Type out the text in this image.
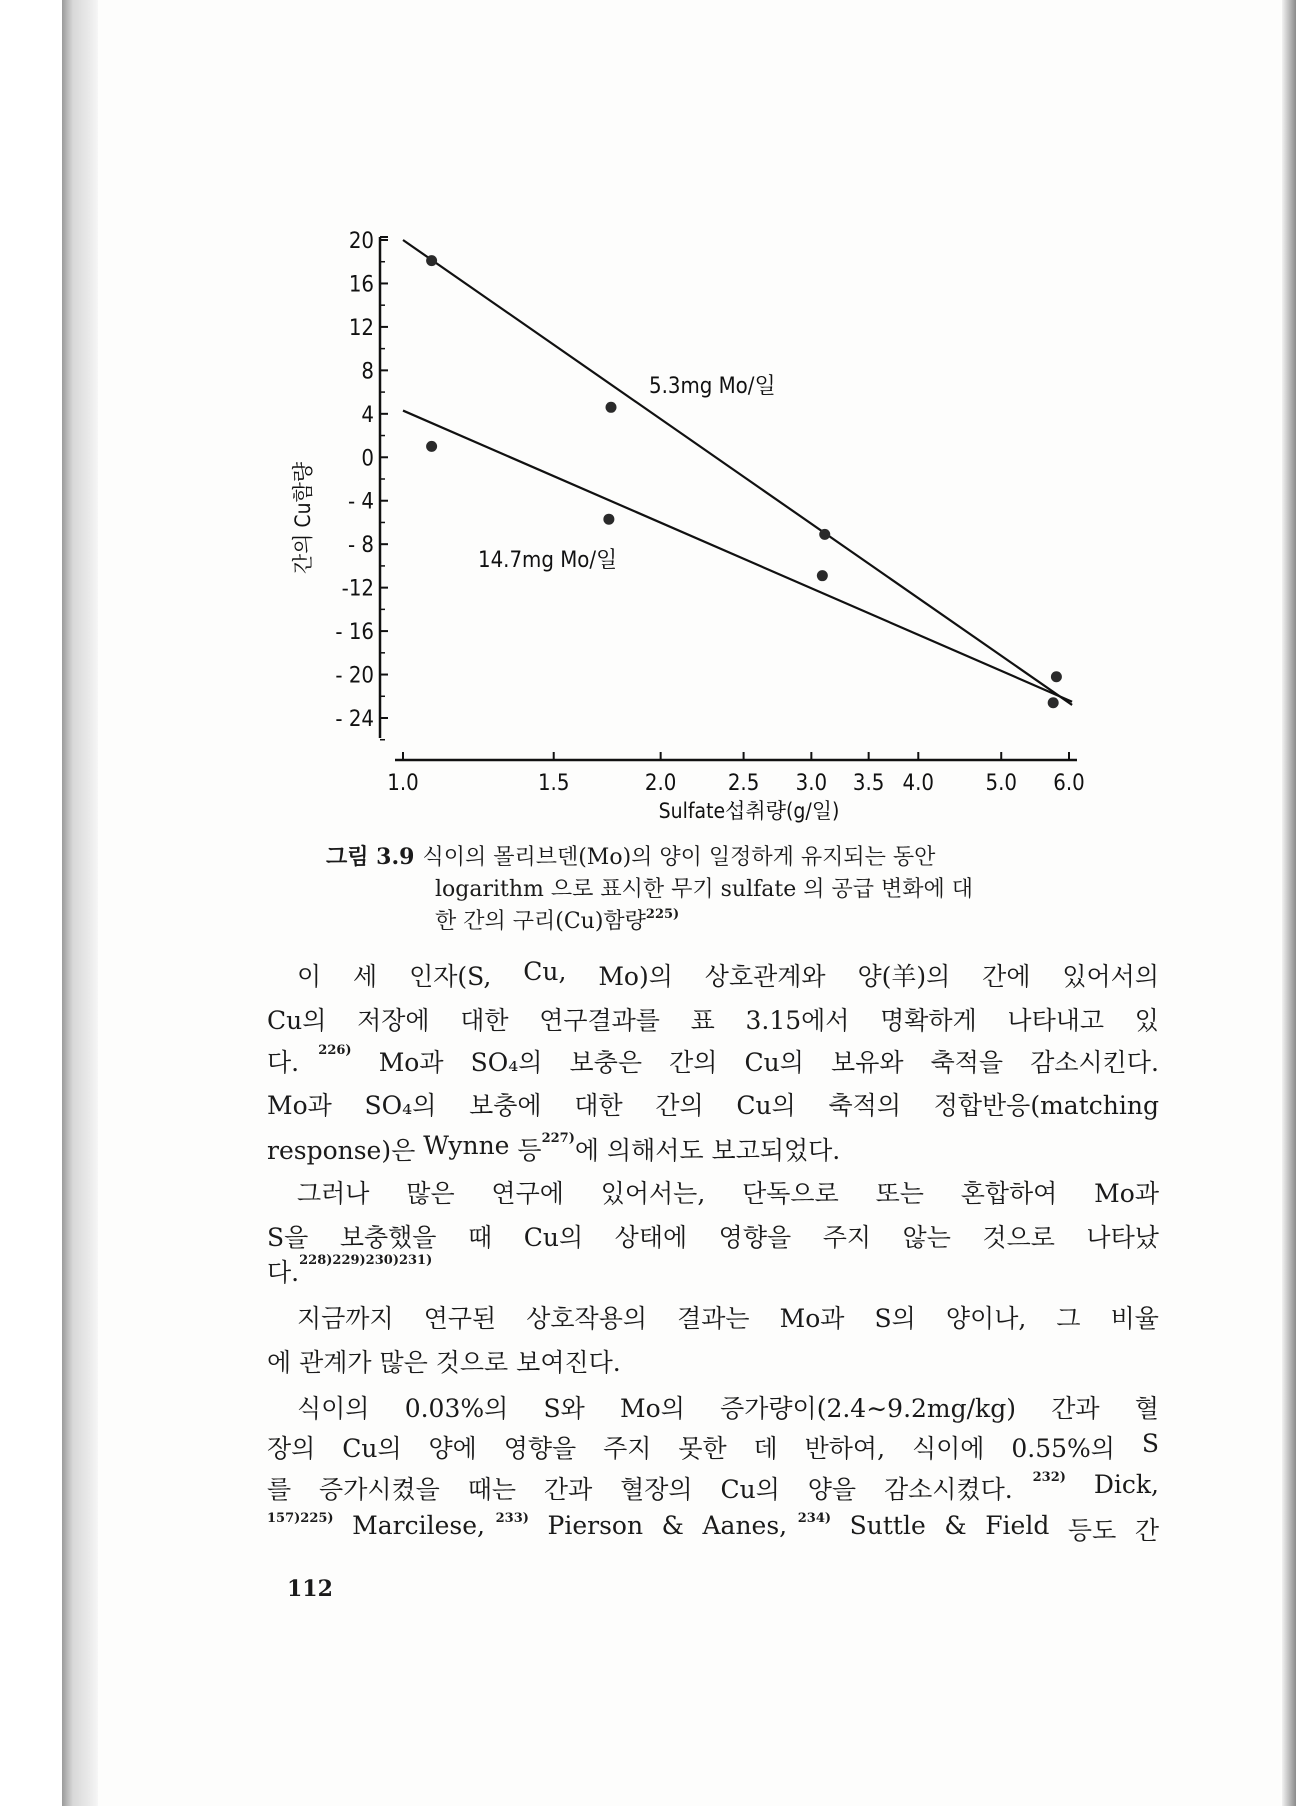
20
16
12
8
4
0
- 4
- 8
-12
- 16
- 20
- 24
1.0	1.5	2.0 2.5 3.0 3.5 4.0 5.0 6.0
Sulfate섭취량(g/일)
간의 Cu함량
5.3mg Mo/일
14.7mg Mo/일
그림 3.9 식이의 몰리브덴(Mo)의 양이 일정하게 유지되는 동안
logarithm 으로 표시한 무기 sulfate 의 공급 변화에 대
한 간의 구리(Cu)함량$^{225)}$
이 세 인자(S, Cu, Mo)의 상호관계와 양(羊)의 간에 있어서의
Cu의 저장에 대한 연구결과를 표 3.15에서 명확하게 나타내고 있
다. 226) Mo과 SO₄의 보충은 간의 Cu의 보유와 축적을 감소시킨다.
Mo과 SO₄의 보충에 대한 간의 Cu의 축적의 정합반응(matching
response)은 Wynne 등 227) 에 의해서도 보고되었다.
그러나 많은 연구에 있어서는, 단독으로 또는 혼합하여 Mo과
S을 보충했을 때 Cu의 상태에 영향을 주지 않는 것으로 나타났
다. 228)229)230)231)
지금까지 연구된 상호작용의 결과는 Mo과 S의 양이나, 그 비율
에 관계가 많은 것으로 보여진다.
식이의 0.03%의 S와 Mo의 증가량이(2.4∼9.2mg/kg) 간과 혈
장의 Cu의 양에 영향을 주지 못한 데 반하여, 식이에 0.55%의 S
를 증가시켰을 때는 간과 혈장의 Cu의 양을 감소시켰다. 232) Dick,
157)225) Marcilese, 233) Pierson & Aanes, 234) Suttle & Field 등도 간
112
